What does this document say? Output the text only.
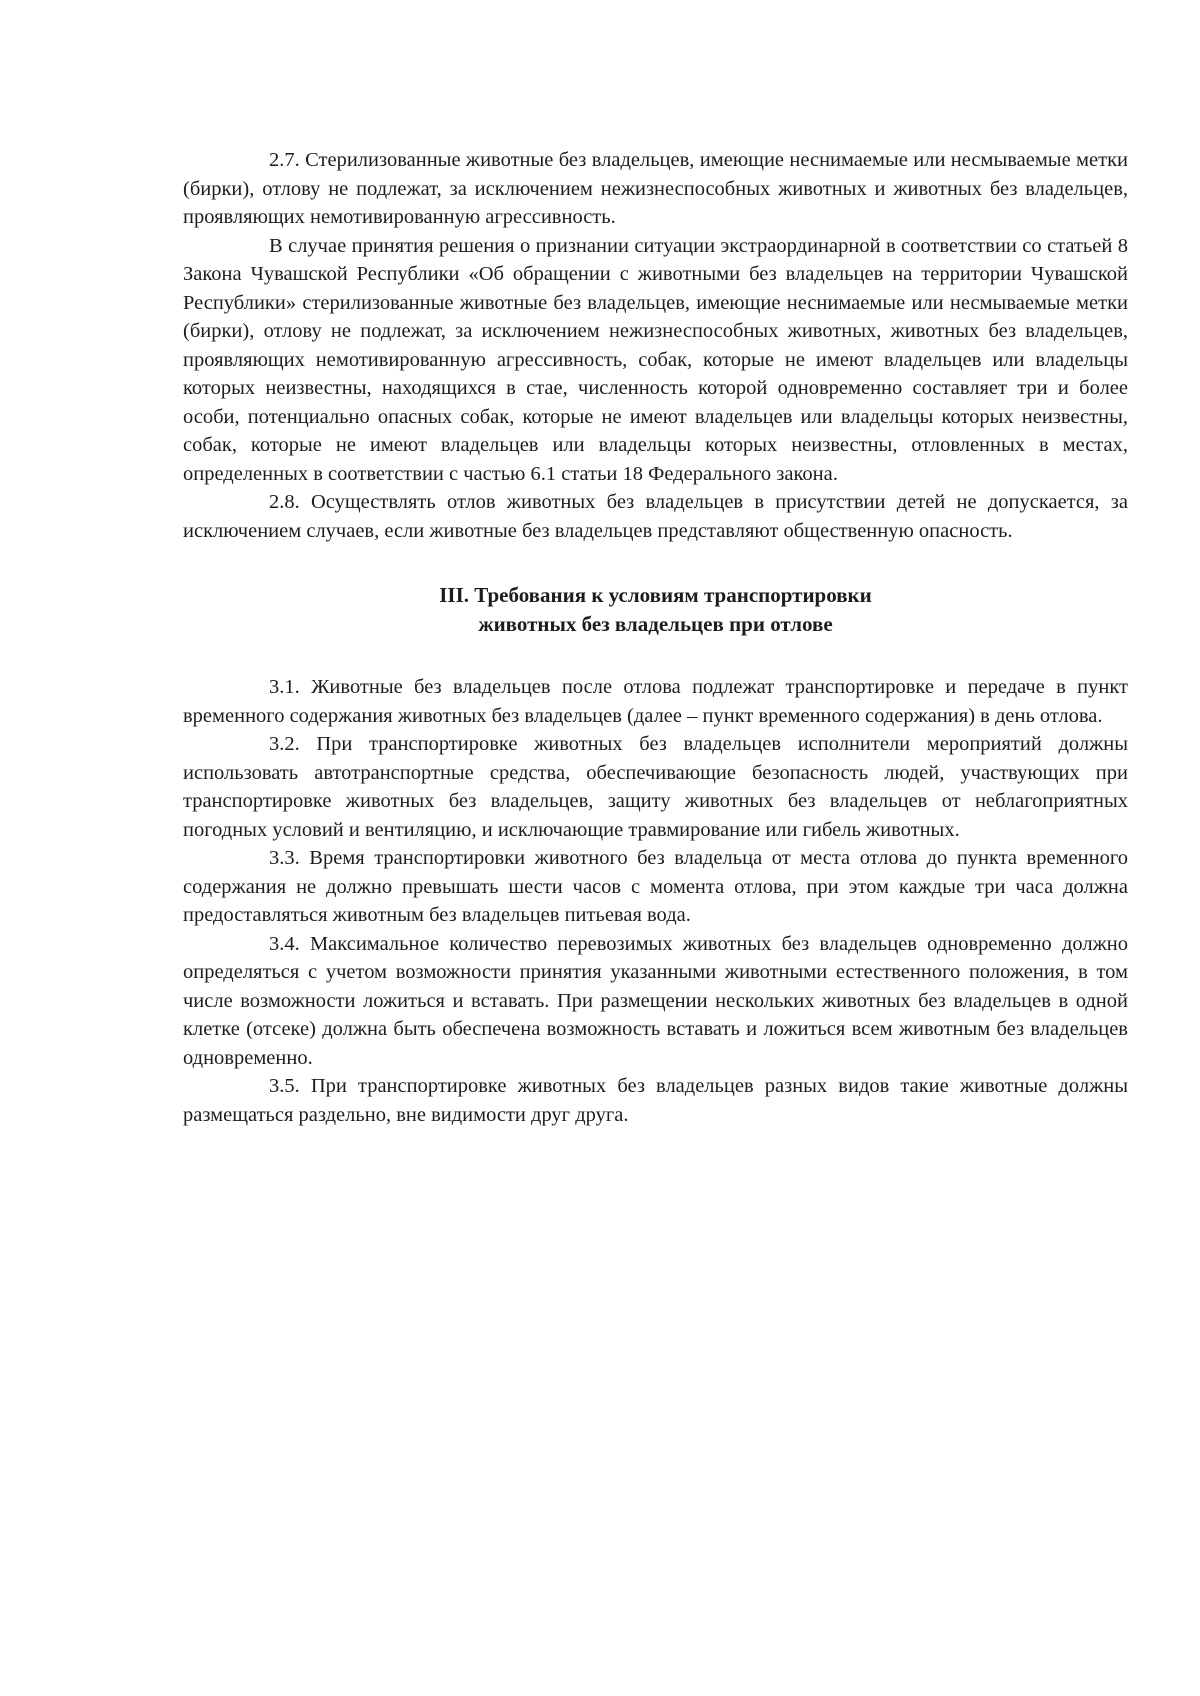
2.7. Стерилизованные животные без владельцев, имеющие неснимаемые или несмываемые метки (бирки), отлову не подлежат, за исключением нежизнеспособных животных и животных без владельцев, проявляющих немотивированную агрессивность.

В случае принятия решения о признании ситуации экстраординарной в соответствии со статьей 8 Закона Чувашской Республики «Об обращении с животными без владельцев на территории Чувашской Республики» стерилизованные животные без владельцев, имеющие неснимаемые или несмываемые метки (бирки), отлову не подлежат, за исключением нежизнеспособных животных, животных без владельцев, проявляющих немотивированную агрессивность, собак, которые не имеют владельцев или владельцы которых неизвестны, находящихся в стае, численность которой одновременно составляет три и более особи, потенциально опасных собак, которые не имеют владельцев или владельцы которых неизвестны, собак, которые не имеют владельцев или владельцы которых неизвестны, отловленных в местах, определенных в соответствии с частью 6.1 статьи 18 Федерального закона.

2.8. Осуществлять отлов животных без владельцев в присутствии детей не допускается, за исключением случаев, если животные без владельцев представляют общественную опасность.

III. Требования к условиям транспортировки
животных без владельцев при отлове

3.1. Животные без владельцев после отлова подлежат транспортировке и передаче в пункт временного содержания животных без владельцев (далее – пункт временного содержания) в день отлова.

3.2. При транспортировке животных без владельцев исполнители мероприятий должны использовать автотранспортные средства, обеспечивающие безопасность людей, участвующих при транспортировке животных без владельцев, защиту животных без владельцев от неблагоприятных погодных условий и вентиляцию, и исключающие травмирование или гибель животных.

3.3. Время транспортировки животного без владельца от места отлова до пункта временного содержания не должно превышать шести часов с момента отлова, при этом каждые три часа должна предоставляться животным без владельцев питьевая вода.

3.4. Максимальное количество перевозимых животных без владельцев одновременно должно определяться с учетом возможности принятия указанными животными естественного положения, в том числе возможности ложиться и вставать. При размещении нескольких животных без владельцев в одной клетке (отсеке) должна быть обеспечена возможность вставать и ложиться всем животным без владельцев одновременно.

3.5. При транспортировке животных без владельцев разных видов такие животные должны размещаться раздельно, вне видимости друг друга.
